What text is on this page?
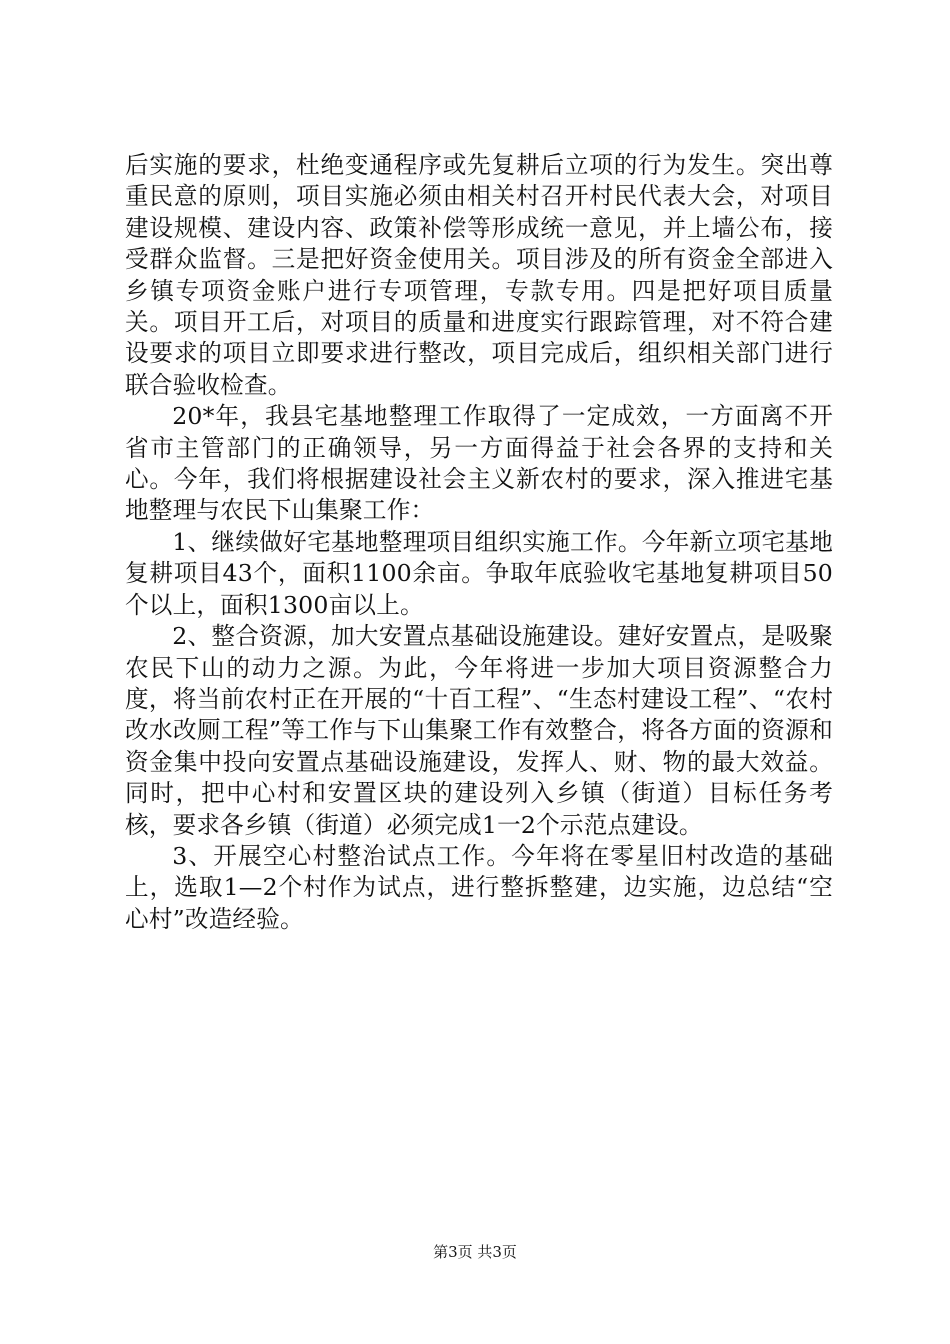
后实施的要求，杜绝变通程序或先复耕后立项的行为发生。突出尊重民意的原则，项目实施必须由相关村召开村民代表大会，对项目建设规模、建设内容、政策补偿等形成统一意见，并上墙公布，接受群众监督。三是把好资金使用关。项目涉及的所有资金全部进入乡镇专项资金账户进行专项管理，专款专用。四是把好项目质量关。项目开工后，对项目的质量和进度实行跟踪管理，对不符合建设要求的项目立即要求进行整改，项目完成后，组织相关部门进行联合验收检查。

20*年，我县宅基地整理工作取得了一定成效，一方面离不开省市主管部门的正确领导，另一方面得益于社会各界的支持和关心。今年，我们将根据建设社会主义新农村的要求，深入推进宅基地整理与农民下山集聚工作：

1、继续做好宅基地整理项目组织实施工作。今年新立项宅基地复耕项目43个，面积1100余亩。争取年底验收宅基地复耕项目50个以上，面积1300亩以上。

2、整合资源，加大安置点基础设施建设。建好安置点，是吸聚农民下山的动力之源。为此，今年将进一步加大项目资源整合力度，将当前农村正在开展的“十百工程”、“生态村建设工程”、“农村改水改厕工程”等工作与下山集聚工作有效整合，将各方面的资源和资金集中投向安置点基础设施建设，发挥人、财、物的最大效益。同时，把中心村和安置区块的建设列入乡镇（街道）目标任务考核，要求各乡镇（街道）必须完成1一2个示范点建设。

3、开展空心村整治试点工作。今年将在零星旧村改造的基础上，选取1—2个村作为试点，进行整拆整建，边实施，边总结“空心村”改造经验。

第3页 共3页
